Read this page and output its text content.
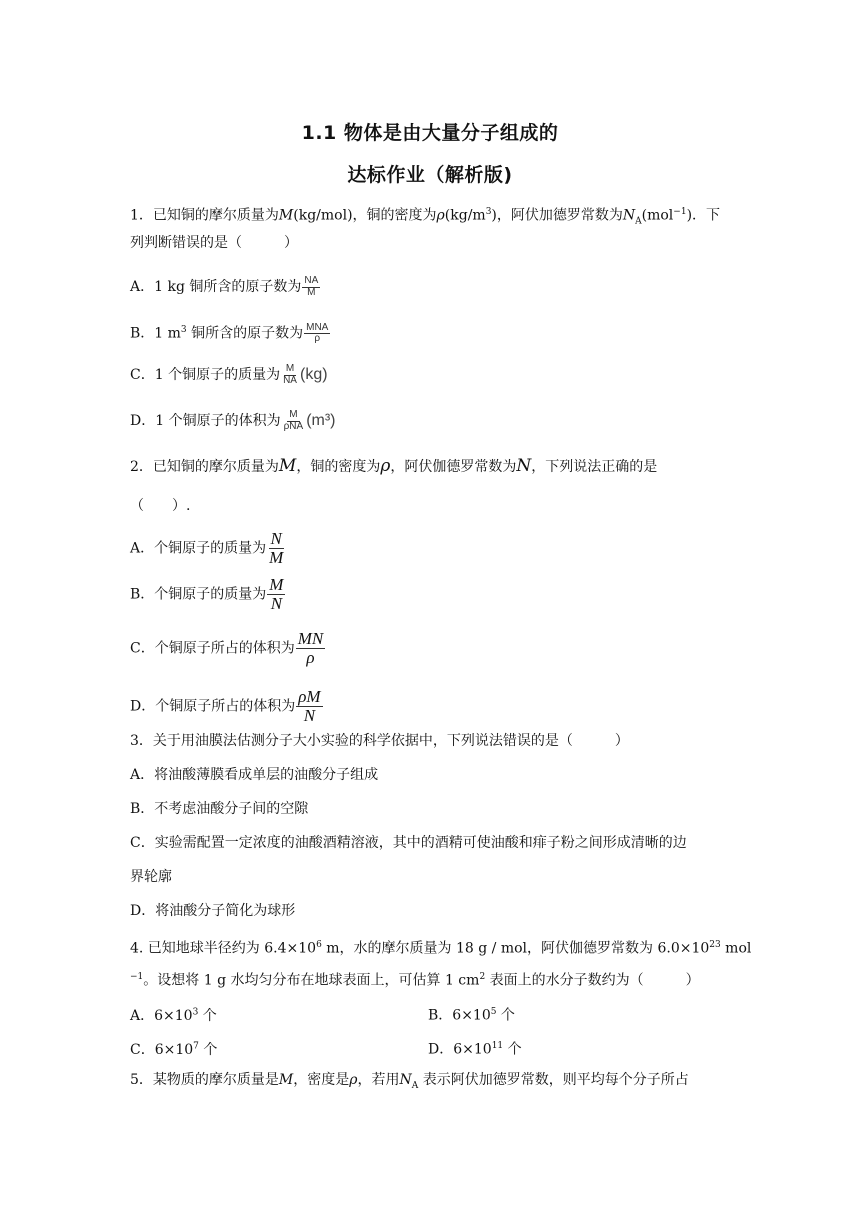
1.1 物体是由大量分子组成的
达标作业（解析版)
1．已知铜的摩尔质量为M(kg/mol)，铜的密度为$\rho(kg/m^3)$，阿伏加德罗常数为$N_A(mol^{-1})$．下
列判断错误的是（　　　）
A．1 kg 铜所含的原子数为 $\frac{NA}{M}$
B．1 $m^3$ 铜所含的原子数为 $\frac{\text{MNA}}{\rho}$
C．1 个铜原子的质量为 $\frac{M}{NA} (kg)$
D．1 个铜原子的体积为 $\frac{M}{\text{ρNA}} (m^3)$
2．已知铜的摩尔质量为M，铜的密度为ρ，阿伏伽德罗常数为N，下列说法正确的是
（　　）.
A．个铜原子的质量为 $\frac{N}{M}$
B．个铜原子的质量为 $\frac{M}{N}$
C．个铜原子所占的体积为 $\frac{MN}{\rho}$
D．个铜原子所占的体积为 $\frac{\rho M}{N}$
3．关于用油膜法估测分子大小实验的科学依据中，下列说法错误的是（　　　）
A．将油酸薄膜看成单层的油酸分子组成
B．不考虑油酸分子间的空隙
C．实验需配置一定浓度的油酸酒精溶液，其中的酒精可使油酸和痱子粉之间形成清晰的边
界轮廓
D．将油酸分子简化为球形
4. 已知地球半径约为 $6.4\times 10^6$ m，水的摩尔质量为 18 g / mol，阿伏伽德罗常数为 $6.0\times 10^{23}$ mol
$^{-1}$。设想将 1 g 水均匀分布在地球表面上，可估算 1 $cm^2$ 表面上的水分子数约为（　　　）
A．$6\times 10^3$ 个	B．$6\times 10^5$ 个
C．$6\times 10^7$ 个	D．$6\times 10^{11}$ 个
5．某物质的摩尔质量是M，密度是ρ，若用$N_A$ 表示阿伏加德罗常数，则平均每个分子所占
